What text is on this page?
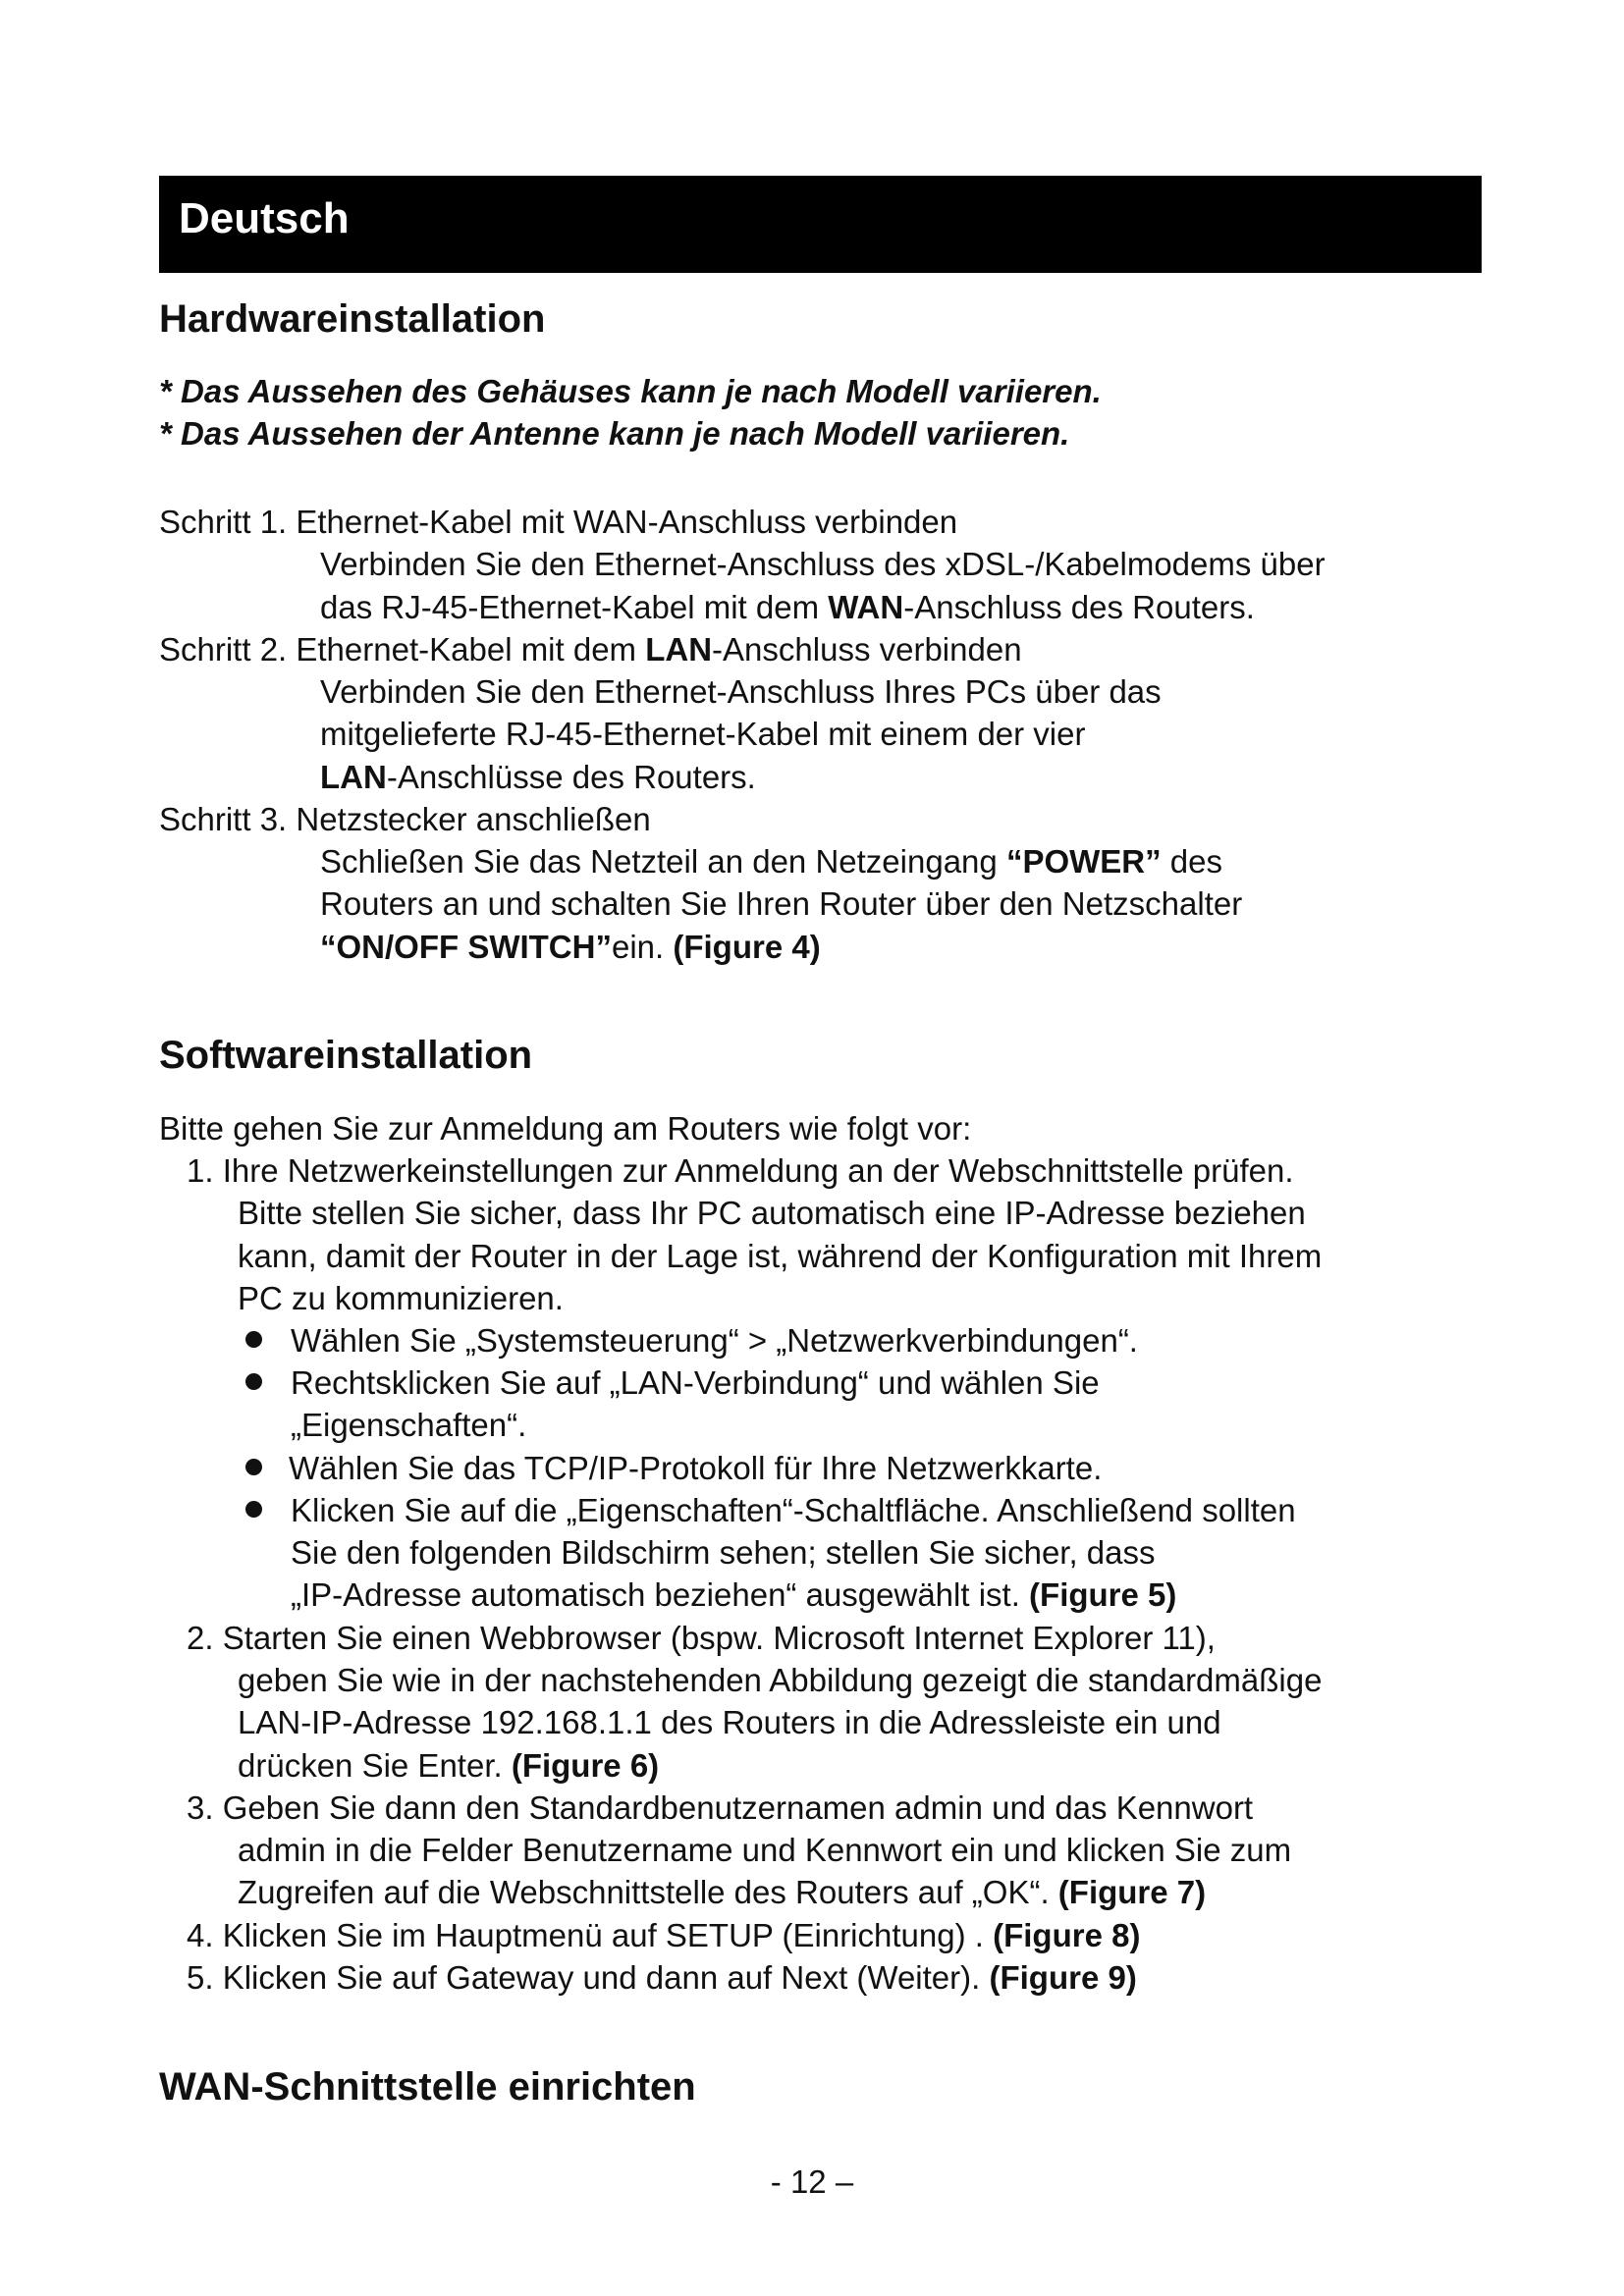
Deutsch
Hardwareinstallation

* Das Aussehen des Gehäuses kann je nach Modell variieren.

* Das Aussehen der Antenne kann je nach Modell variieren.

Schritt 1. Ethernet-Kabel mit WAN-Anschluss verbinden

Verbinden Sie den Ethernet-Anschluss des xDSL-/Kabelmodems über

das RJ-45-Ethernet-Kabel mit dem WAN-Anschluss des Routers.

Schritt 2. Ethernet-Kabel mit dem LAN-Anschluss verbinden

Verbinden Sie den Ethernet-Anschluss Ihres PCs über das

mitgelieferte RJ-45-Ethernet-Kabel mit einem der vier

LAN-Anschlüsse des Routers.

Schritt 3. Netzstecker anschließen

Schließen Sie das Netzteil an den Netzeingang “POWER” des

Routers an und schalten Sie Ihren Router über den Netzschalter

“ON/OFF SWITCH”ein. (Figure 4)

Softwareinstallation

Bitte gehen Sie zur Anmeldung am Routers wie folgt vor:

1. Ihre Netzwerkeinstellungen zur Anmeldung an der Webschnittstelle prüfen.

Bitte stellen Sie sicher, dass Ihr PC automatisch eine IP-Adresse beziehen

kann, damit der Router in der Lage ist, während der Konfiguration mit Ihrem

PC zu kommunizieren.

Wählen Sie „Systemsteuerung“ > „Netzwerkverbindungen“.

Rechtsklicken Sie auf „LAN-Verbindung“ und wählen Sie

„Eigenschaften“.

Wählen Sie das TCP/IP-Protokoll für Ihre Netzwerkkarte.

Klicken Sie auf die „Eigenschaften“-Schaltfläche. Anschließend sollten

Sie den folgenden Bildschirm sehen; stellen Sie sicher, dass

„IP-Adresse automatisch beziehen“ ausgewählt ist. (Figure 5)

2. Starten Sie einen Webbrowser (bspw. Microsoft Internet Explorer 11),

geben Sie wie in der nachstehenden Abbildung gezeigt die standardmäßige

LAN-IP-Adresse 192.168.1.1 des Routers in die Adressleiste ein und

drücken Sie Enter. (Figure 6)

3. Geben Sie dann den Standardbenutzernamen admin und das Kennwort

admin in die Felder Benutzername und Kennwort ein und klicken Sie zum

Zugreifen auf die Webschnittstelle des Routers auf „OK“. (Figure 7)

4. Klicken Sie im Hauptmenü auf SETUP (Einrichtung) . (Figure 8)

5. Klicken Sie auf Gateway und dann auf Next (Weiter). (Figure 9)

WAN-Schnittstelle einrichten
- 12 –
